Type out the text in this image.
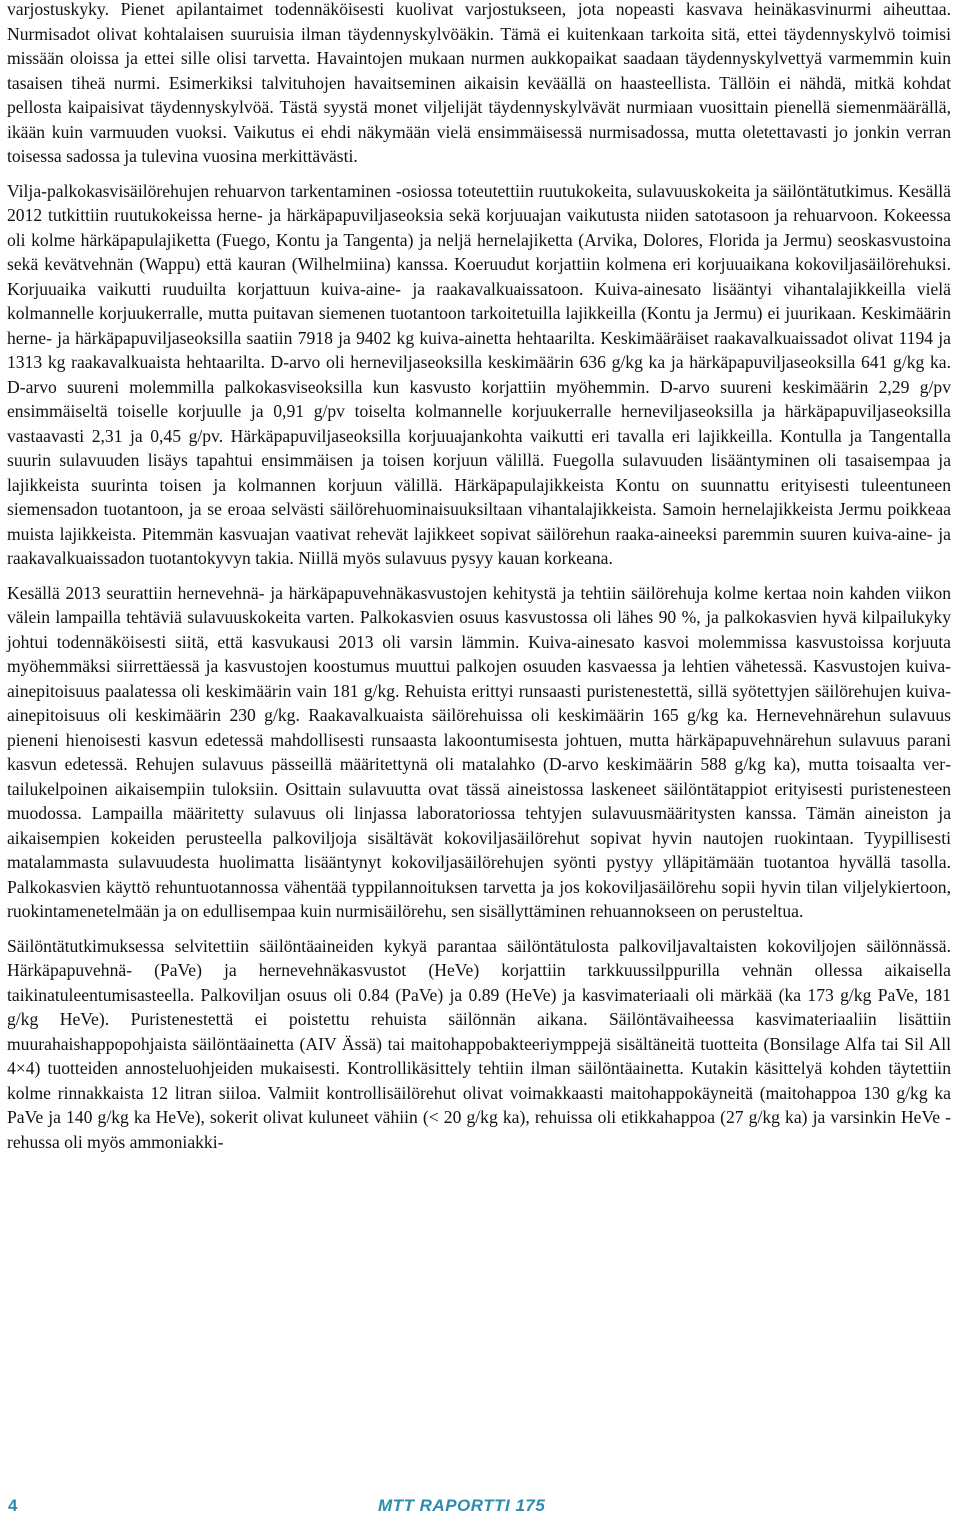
varjostuskyky. Pienet apilantaimet todennäköisesti kuolivat varjostukseen, jota nopeasti kasvava heinäkasvinurmi aiheuttaa. Nurmisadot olivat kohtalaisen suuruisia ilman täydennyskylvöäkin. Tämä ei kuitenkaan tarkoita sitä, ettei täydennyskylvö toimisi missään oloissa ja ettei sille olisi tarvetta. Havaintojen mukaan nurmen aukkopaikat saadaan täydennyskylvettyä varmemmin kuin tasaisen tiheä nurmi. Esimerkiksi talvituhojen havaitseminen aikaisin keväällä on haasteellista. Tällöin ei nähdä, mitkä kohdat pellosta kaipaisivat täydennyskylvöä. Tästä syystä monet viljelijät täydennyskylvävät nurmiaan vuosittain pienellä siemenmäärällä, ikään kuin varmuuden vuoksi. Vaikutus ei ehdi näkymään vielä ensimmäisessä nurmisadossa, mutta oletettavasti jo jonkin verran toisessa sadossa ja tulevina vuosina merkittävästi.

Vilja-palkokasvisäilörehujen rehuarvon tarkentaminen -osiossa toteutettiin ruutukokeita, sulavuuskokeita ja säilöntätutkimus. Kesällä 2012 tutkittiin ruutukokeissa herne- ja härkäpapuviljaseoksia sekä korjuuajan vaikutusta niiden satotasoon ja rehuarvoon. Kokeessa oli kolme härkäpapulajiketta (Fuego, Kontu ja Tangenta) ja neljä hernelajiketta (Arvika, Dolores, Florida ja Jermu) seoskasvustoina sekä kevätvehnän (Wappu) että kauran (Wilhelmiina) kanssa. Koeruudut korjattiin kolmena eri korjuuaikana kokoviljasäilörehuksi. Korjuuaika vaikutti ruuduilta korjattuun kuiva-aine- ja raakavalkuaissatoon. Kuiva-ainesato lisääntyi vihantalajikkeilla vielä kolmannelle korjuukerralle, mutta puitavan siemenen tuotantoon tarkoitetuilla lajikkeilla (Kontu ja Jermu) ei juurikaan. Keskimäärin herne- ja härkäpapuviljaseoksilla saatiin 7918 ja 9402 kg kuiva-ainetta hehtaarilta. Keskimääräiset raakavalkuaissadot olivat 1194 ja 1313 kg raakavalkuaista hehtaarilta. D-arvo oli herneviljaseoksilla keskimäärin 636 g/kg ka ja härkäpapuviljaseoksilla 641 g/kg ka. D-arvo suureni molemmilla palkokasviseoksilla kun kasvusto korjattiin myöhemmin. D-arvo suureni keskimäärin 2,29 g/pv ensimmäiseltä toiselle korjuulle ja 0,91 g/pv toiselta kolmannelle korjuukerralle herneviljaseoksilla ja härkäpapuviljaseoksilla vastaavasti 2,31 ja 0,45 g/pv. Härkäpapuviljaseoksilla korjuuajankohta vaikutti eri tavalla eri lajikkeilla. Kontulla ja Tangentalla suurin sulavuuden lisäys tapahtui ensimmäisen ja toisen korjuun välillä. Fuegolla sulavuuden lisääntyminen oli tasaisempaa ja lajikkeista suurinta toisen ja kolmannen korjuun välillä. Härkäpapulajikkeista Kontu on suunnattu erityisesti tuleentuneen siemensadon tuotantoon, ja se eroaa selvästi säilörehuominaisuuksiltaan vihantalajikkeista. Samoin hernelajikkeista Jermu poikkeaa muista lajikkeista. Pitemmän kasvuajan vaativat rehevät lajikkeet sopivat säilörehun raaka-aineeksi paremmin suuren kuiva-aine- ja raakavalkuaissadon tuotantokyvyn takia. Niillä myös sulavuus pysyy kauan korkeana.

Kesällä 2013 seurattiin hernevehnä- ja härkäpapuvehnäkasvustojen kehitystä ja tehtiin säilörehuja kolme kertaa noin kahden viikon välein lampailla tehtäviä sulavuuskokeita varten. Palkokasvien osuus kasvustossa oli lähes 90 %, ja palkokasvien hyvä kilpailukyky johtui todennäköisesti siitä, että kasvukausi 2013 oli varsin lämmin. Kuiva-ainesato kasvoi molemmissa kasvustoissa korjuuta myöhemmäksi siirrettäessä ja kasvustojen koostumus muuttui palkojen osuuden kasvaessa ja lehtien vähetessä. Kasvustojen kuivaainepitoisuus paalatessa oli keskimäärin vain 181 g/kg. Rehuista erittyi runsaasti puristenestettä, sillä syötettyjen säilörehujen kuiva-ainepitoisuus oli keskimäärin 230 g/kg. Raakavalkuaista säilörehuissa oli keskimäärin 165 g/kg ka. Hernevehnärehun sulavuus pieneni hienoisesti kasvun edetessä mahdollisesti runsaasta lakoontumisesta johtuen, mutta härkäpapuvehnärehun sulavuus parani kasvun edetessä. Rehujen sulavuus pässeillä määritettynä oli matalahko (D-arvo keskimäärin 588 g/kg ka), mutta toisaalta vertailukelpoinen aikaisempiin tuloksiin. Osittain sulavuutta ovat tässä aineistossa laskeneet säilöntätappiot erityisesti puristenesteen muodossa. Lampailla määritetty sulavuus oli linjassa laboratoriossa tehtyjen sulavuusmääritysten kanssa. Tämän aineiston ja aikaisempien kokeiden perusteella palkoviljoja sisältävät kokoviljasäilörehut sopivat hyvin nautojen ruokintaan. Tyypillisesti matalammasta sulavuudesta huolimatta lisääntynyt kokoviljasäilörehujen syönti pystyy ylläpitämään tuotantoa hyvällä tasolla. Palkokasvien käyttö rehuntuotannossa vähentää typpilannoituksen tarvetta ja jos kokoviljasäilörehu sopii hyvin tilan viljelykiertoon, ruokintamenetelmään ja on edullisempaa kuin nurmisäilörehu, sen sisällyttäminen rehuannokseen on perusteltua.

Säilöntätutkimuksessa selvitettiin säilöntäaineiden kykyä parantaa säilöntätulosta palkoviljavaltaisten kokoviljojen säilönnässä. Härkäpapuvehnä- (PaVe) ja hernevehnäkasvustot (HeVe) korjattiin tarkkuussilppurilla vehnän ollessa aikaisella taikinatuleentumisasteella. Palkoviljan osuus oli 0.84 (PaVe) ja 0.89 (HeVe) ja kasvimateriaali oli märkää (ka 173 g/kg PaVe, 181 g/kg HeVe). Puristenestettä ei poistettu rehuista säilönnän aikana. Säilöntävaiheessa kasvimateriaaliin lisättiin muurahaishappopohjaista säilöntäainetta (AIV Ässä) tai maitohappobakteeriymppejä sisältäneitä tuotteita (Bonsilage Alfa tai Sil All 4×4) tuotteiden annosteluohjeiden mukaisesti. Kontrollikäsittely tehtiin ilman säilöntäainetta. Kutakin käsittelyä kohden täytettiin kolme rinnakkaista 12 litran siiloa. Valmiit kontrollisäilörehut olivat voimakkaasti maitohappokäyneitä (maitohappoa 130 g/kg ka PaVe ja 140 g/kg ka HeVe), sokerit olivat kuluneet vähiin (< 20 g/kg ka), rehuissa oli etikkahappoa (27 g/kg ka) ja varsinkin HeVe -rehussa oli myös ammoniakki-

4	MTT RAPORTTI 175
